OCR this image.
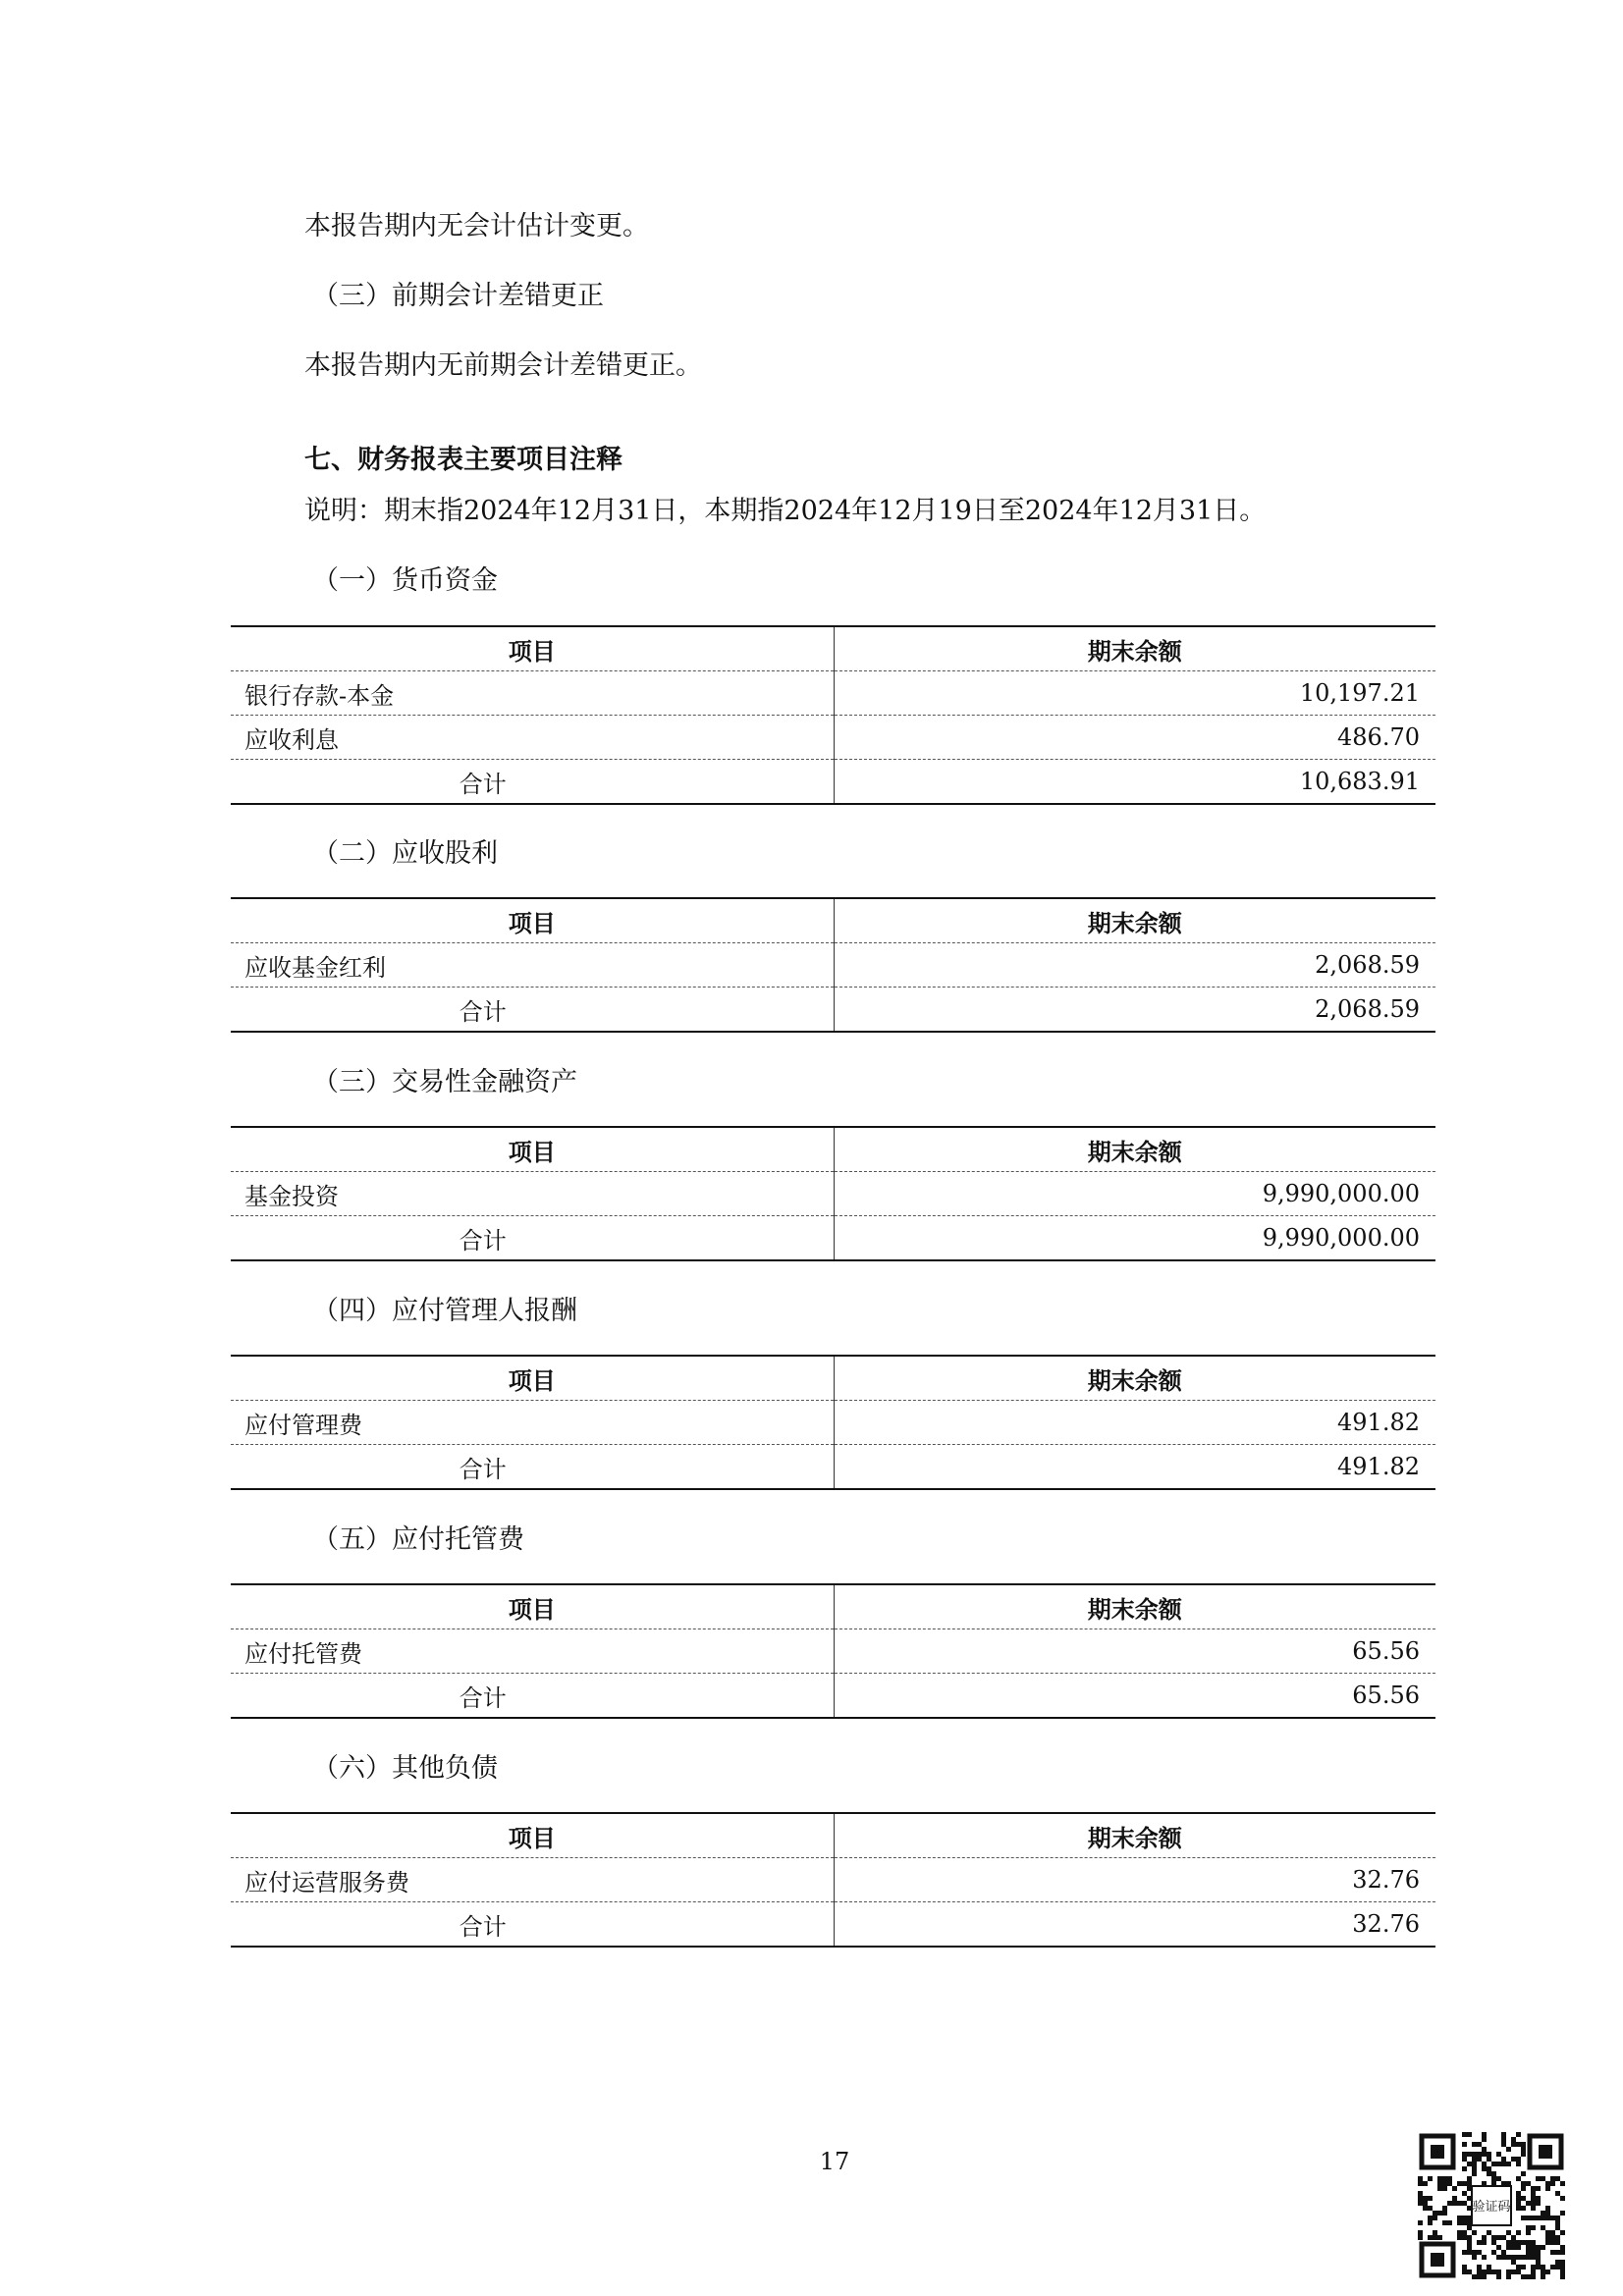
本报告期内无会计估计变更。

（三）前期会计差错更正

本报告期内无前期会计差错更正。

七、财务报表主要项目注释

说明：期末指2024年12月31日，本期指2024年12月19日至2024年12月31日。

（一）货币资金

项目	期末余额
银行存款-本金	10,197.21
应收利息	486.70
合计	10,683.91

（二）应收股利

项目	期末余额
应收基金红利	2,068.59
合计	2,068.59

（三）交易性金融资产

项目	期末余额
基金投资	9,990,000.00
合计	9,990,000.00

（四）应付管理人报酬

项目	期末余额
应付管理费	491.82
合计	491.82

（五）应付托管费

项目	期末余额
应付托管费	65.56
合计	65.56

（六）其他负债

项目	期末余额
应付运营服务费	32.76
合计	32.76
17
验证码
